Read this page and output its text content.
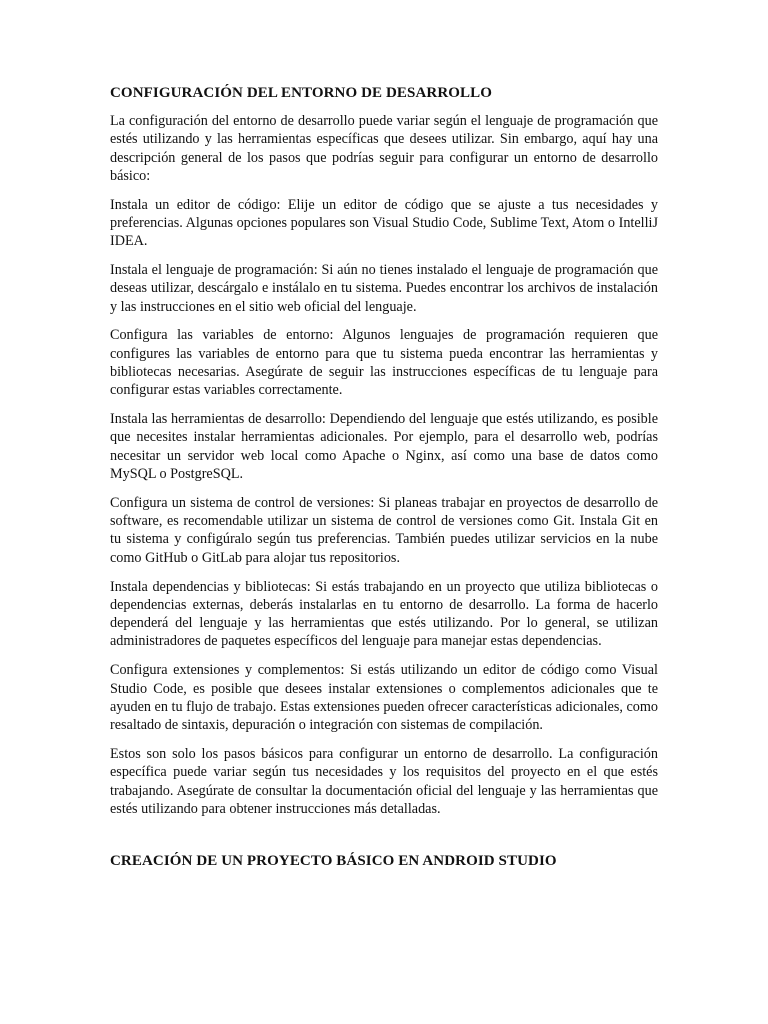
CONFIGURACIÓN DEL ENTORNO DE DESARROLLO

La configuración del entorno de desarrollo puede variar según el lenguaje de programación que estés utilizando y las herramientas específicas que desees utilizar. Sin embargo, aquí hay una descripción general de los pasos que podrías seguir para configurar un entorno de desarrollo básico:

Instala un editor de código: Elije un editor de código que se ajuste a tus necesidades y preferencias. Algunas opciones populares son Visual Studio Code, Sublime Text, Atom o IntelliJ IDEA.

Instala el lenguaje de programación: Si aún no tienes instalado el lenguaje de programación que deseas utilizar, descárgalo e instálalo en tu sistema. Puedes encontrar los archivos de instalación y las instrucciones en el sitio web oficial del lenguaje.

Configura las variables de entorno: Algunos lenguajes de programación requieren que configures las variables de entorno para que tu sistema pueda encontrar las herramientas y bibliotecas necesarias. Asegúrate de seguir las instrucciones específicas de tu lenguaje para configurar estas variables correctamente.

Instala las herramientas de desarrollo: Dependiendo del lenguaje que estés utilizando, es posible que necesites instalar herramientas adicionales. Por ejemplo, para el desarrollo web, podrías necesitar un servidor web local como Apache o Nginx, así como una base de datos como MySQL o PostgreSQL.

Configura un sistema de control de versiones: Si planeas trabajar en proyectos de desarrollo de software, es recomendable utilizar un sistema de control de versiones como Git. Instala Git en tu sistema y configúralo según tus preferencias. También puedes utilizar servicios en la nube como GitHub o GitLab para alojar tus repositorios.

Instala dependencias y bibliotecas: Si estás trabajando en un proyecto que utiliza bibliotecas o dependencias externas, deberás instalarlas en tu entorno de desarrollo. La forma de hacerlo dependerá del lenguaje y las herramientas que estés utilizando. Por lo general, se utilizan administradores de paquetes específicos del lenguaje para manejar estas dependencias.

Configura extensiones y complementos: Si estás utilizando un editor de código como Visual Studio Code, es posible que desees instalar extensiones o complementos adicionales que te ayuden en tu flujo de trabajo. Estas extensiones pueden ofrecer características adicionales, como resaltado de sintaxis, depuración o integración con sistemas de compilación.

Estos son solo los pasos básicos para configurar un entorno de desarrollo. La configuración específica puede variar según tus necesidades y los requisitos del proyecto en el que estés trabajando. Asegúrate de consultar la documentación oficial del lenguaje y las herramientas que estés utilizando para obtener instrucciones más detalladas.

CREACIÓN DE UN PROYECTO BÁSICO EN ANDROID STUDIO
